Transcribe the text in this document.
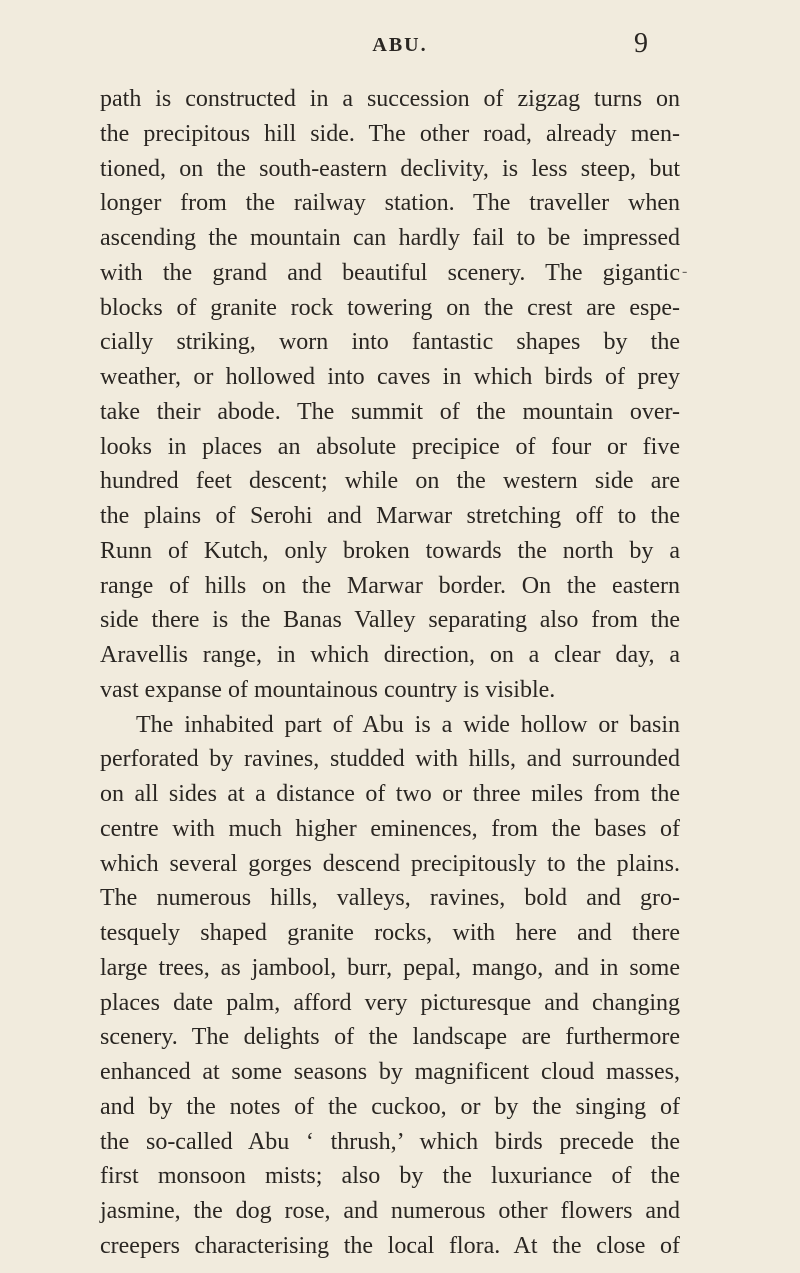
ABU.	9
-
path is constructed in a succession of zigzag turns on
the precipitous hill side. The other road, already men-
tioned, on the south-eastern declivity, is less steep, but
longer from the railway station. The traveller when
ascending the mountain can hardly fail to be impressed
with the grand and beautiful scenery. The gigantic
blocks of granite rock towering on the crest are espe-
cially striking, worn into fantastic shapes by the
weather, or hollowed into caves in which birds of prey
take their abode. The summit of the mountain over-
looks in places an absolute precipice of four or five
hundred feet descent; while on the western side are
the plains of Serohi and Marwar stretching off to the
Runn of Kutch, only broken towards the north by a
range of hills on the Marwar border. On the eastern
side there is the Banas Valley separating also from the
Aravellis range, in which direction, on a clear day, a
vast expanse of mountainous country is visible.
The inhabited part of Abu is a wide hollow or basin
perforated by ravines, studded with hills, and surrounded
on all sides at a distance of two or three miles from the
centre with much higher eminences, from the bases of
which several gorges descend precipitously to the plains.
The numerous hills, valleys, ravines, bold and gro-
tesquely shaped granite rocks, with here and there
large trees, as jambool, burr, pepal, mango, and in some
places date palm, afford very picturesque and changing
scenery. The delights of the landscape are furthermore
enhanced at some seasons by magnificent cloud masses,
and by the notes of the cuckoo, or by the singing of
the so-called Abu ‘ thrush,’ which birds precede the
first monsoon mists; also by the luxuriance of the
jasmine, the dog rose, and numerous other flowers and
creepers characterising the local flora. At the close of
